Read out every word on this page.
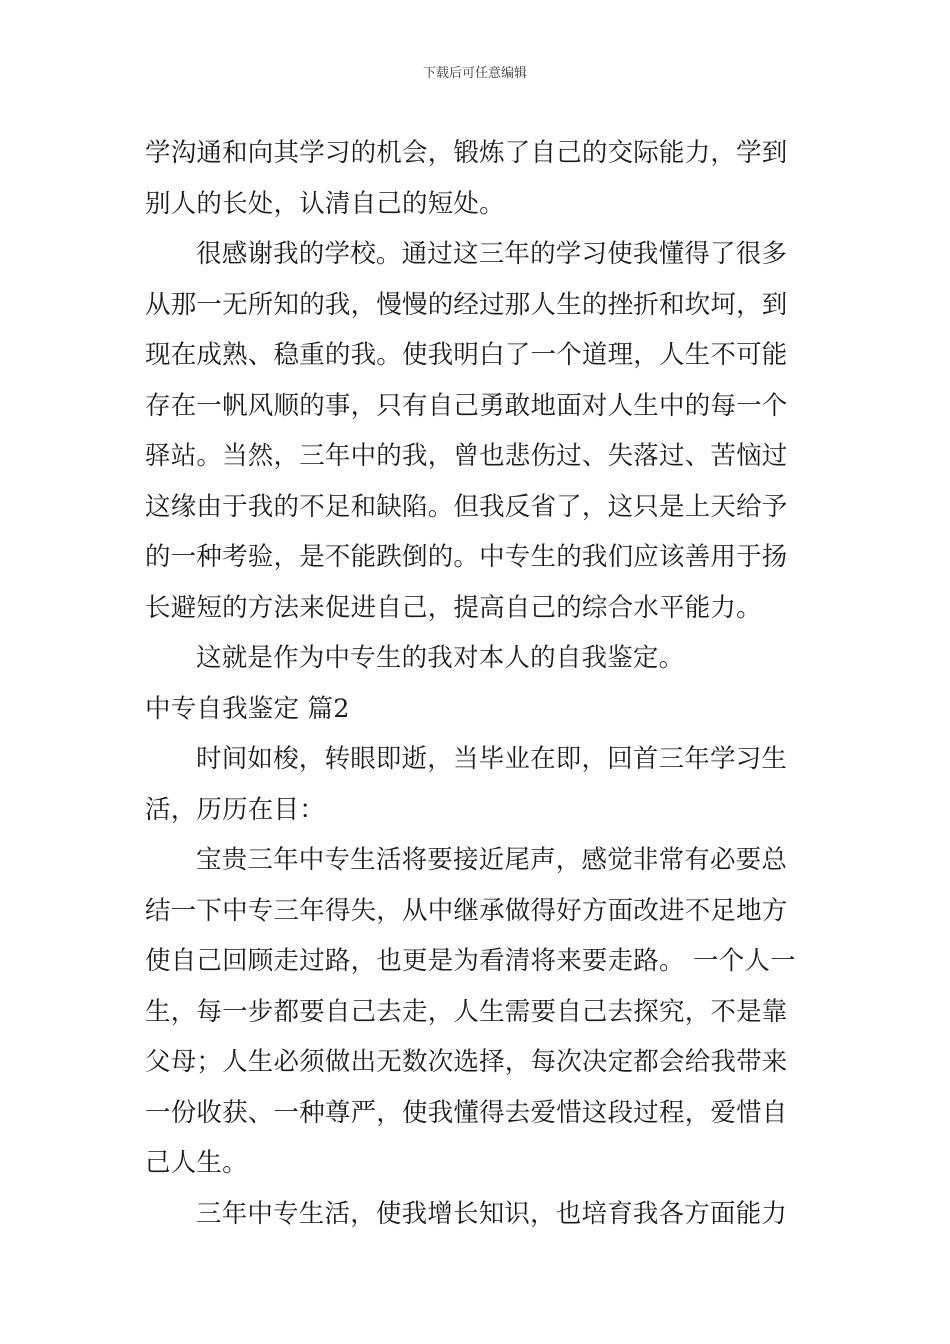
下载后可任意编辑
学沟通和向其学习的机会，锻炼了自己的交际能力，学到
别人的长处，认清自己的短处。
很感谢我的学校。通过这三年的学习使我懂得了很多
从那一无所知的我，慢慢的经过那人生的挫折和坎坷，到
现在成熟、稳重的我。使我明白了一个道理，人生不可能
存在一帆风顺的事，只有自己勇敢地面对人生中的每一个
驿站。当然，三年中的我，曾也悲伤过、失落过、苦恼过
这缘由于我的不足和缺陷。但我反省了，这只是上天给予
的一种考验，是不能跌倒的。中专生的我们应该善用于扬
长避短的方法来促进自己，提高自己的综合水平能力。
这就是作为中专生的我对本人的自我鉴定。
中专自我鉴定 篇2
时间如梭，转眼即逝，当毕业在即，回首三年学习生
活，历历在目：
宝贵三年中专生活将要接近尾声，感觉非常有必要总
结一下中专三年得失，从中继承做得好方面改进不足地方
使自己回顾走过路，也更是为看清将来要走路。 一个人一
生，每一步都要自己去走，人生需要自己去探究，不是靠
父母；人生必须做出无数次选择，每次决定都会给我带来
一份收获、一种尊严，使我懂得去爱惜这段过程，爱惜自
己人生。
三年中专生活，使我增长知识，也培育我各方面能力
